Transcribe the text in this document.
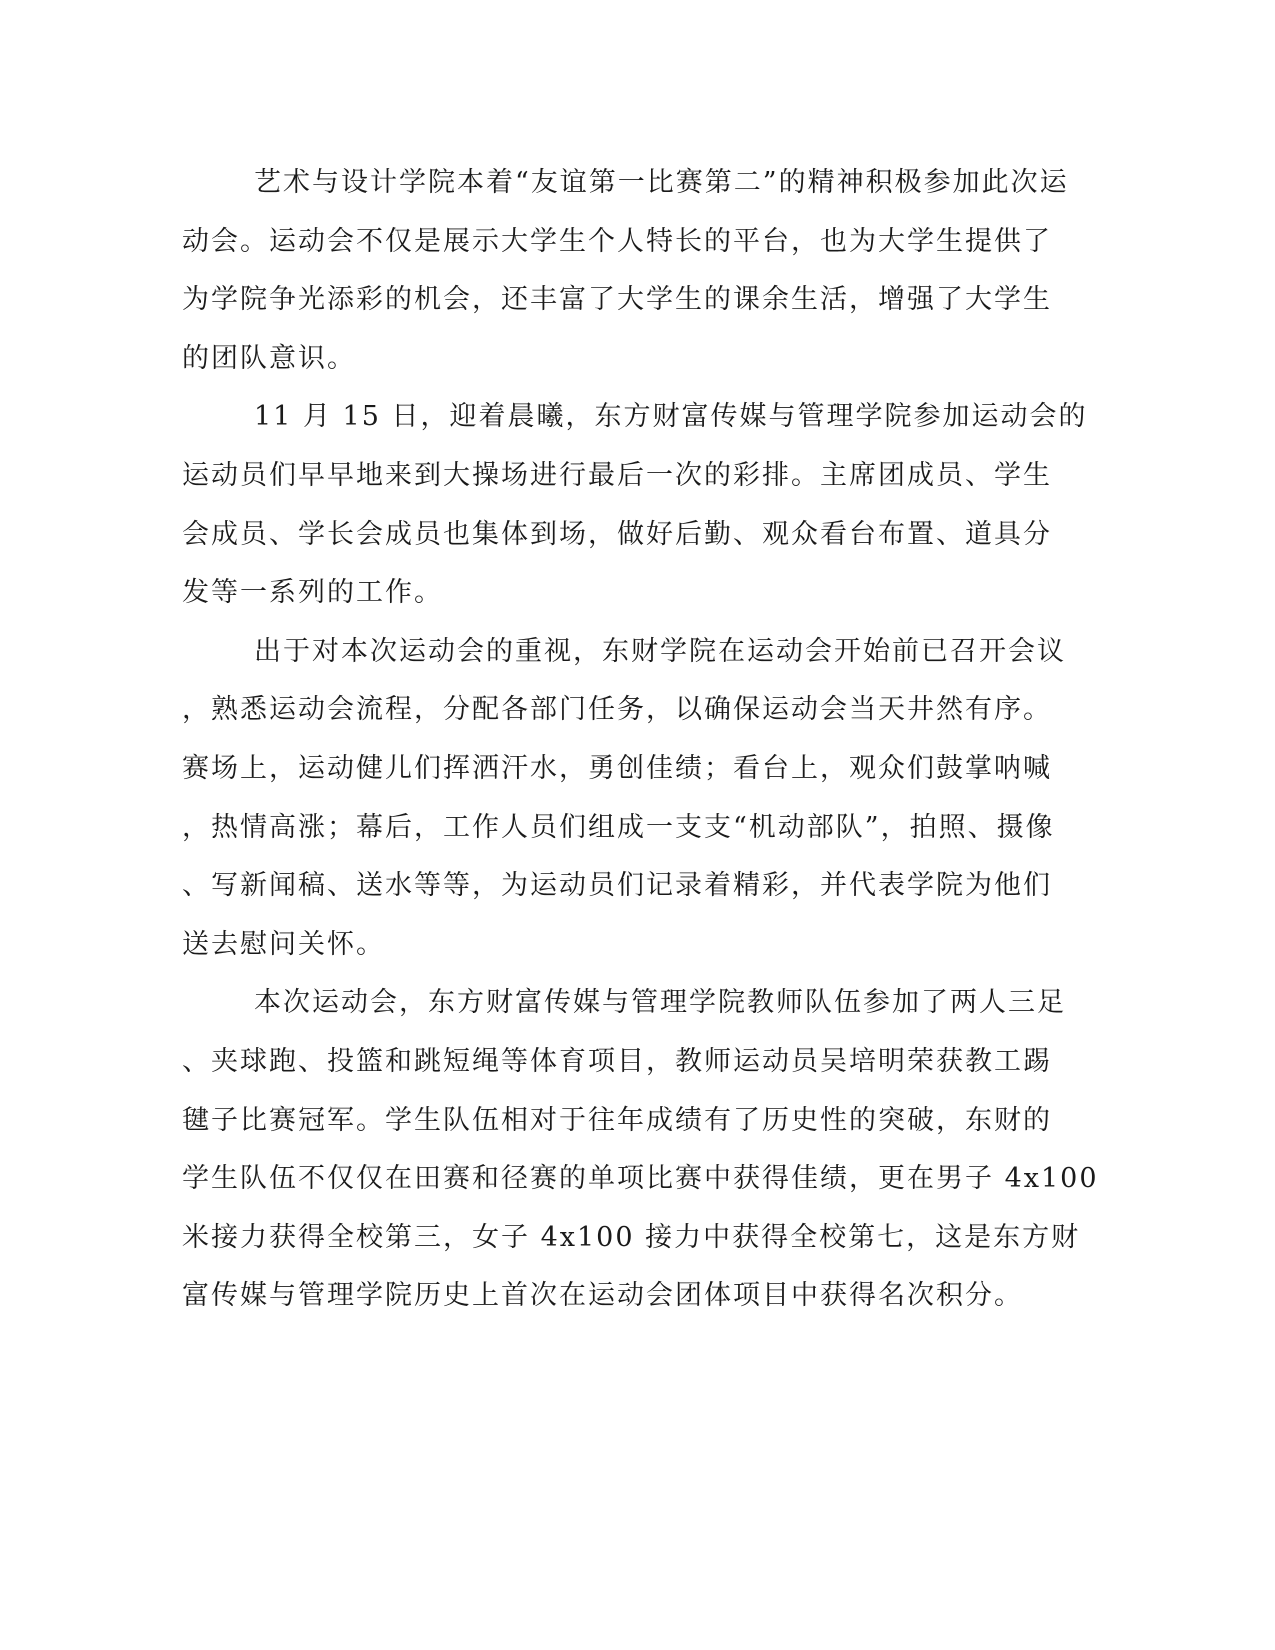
艺术与设计学院本着“友谊第一比赛第二”的精神积极参加此次运
动会。运动会不仅是展示大学生个人特长的平台，也为大学生提供了
为学院争光添彩的机会，还丰富了大学生的课余生活，增强了大学生
的团队意识。
11 月 15 日，迎着晨曦，东方财富传媒与管理学院参加运动会的
运动员们早早地来到大操场进行最后一次的彩排。主席团成员、学生
会成员、学长会成员也集体到场，做好后勤、观众看台布置、道具分
发等一系列的工作。
出于对本次运动会的重视，东财学院在运动会开始前已召开会议
，熟悉运动会流程，分配各部门任务，以确保运动会当天井然有序。
赛场上，运动健儿们挥洒汗水，勇创佳绩；看台上，观众们鼓掌呐喊
，热情高涨；幕后，工作人员们组成一支支“机动部队”，拍照、摄像
、写新闻稿、送水等等，为运动员们记录着精彩，并代表学院为他们
送去慰问关怀。
本次运动会，东方财富传媒与管理学院教师队伍参加了两人三足
、夹球跑、投篮和跳短绳等体育项目，教师运动员吴培明荣获教工踢
毽子比赛冠军。学生队伍相对于往年成绩有了历史性的突破，东财的
学生队伍不仅仅在田赛和径赛的单项比赛中获得佳绩，更在男子 4x100
米接力获得全校第三，女子 4x100 接力中获得全校第七，这是东方财
富传媒与管理学院历史上首次在运动会团体项目中获得名次积分。
